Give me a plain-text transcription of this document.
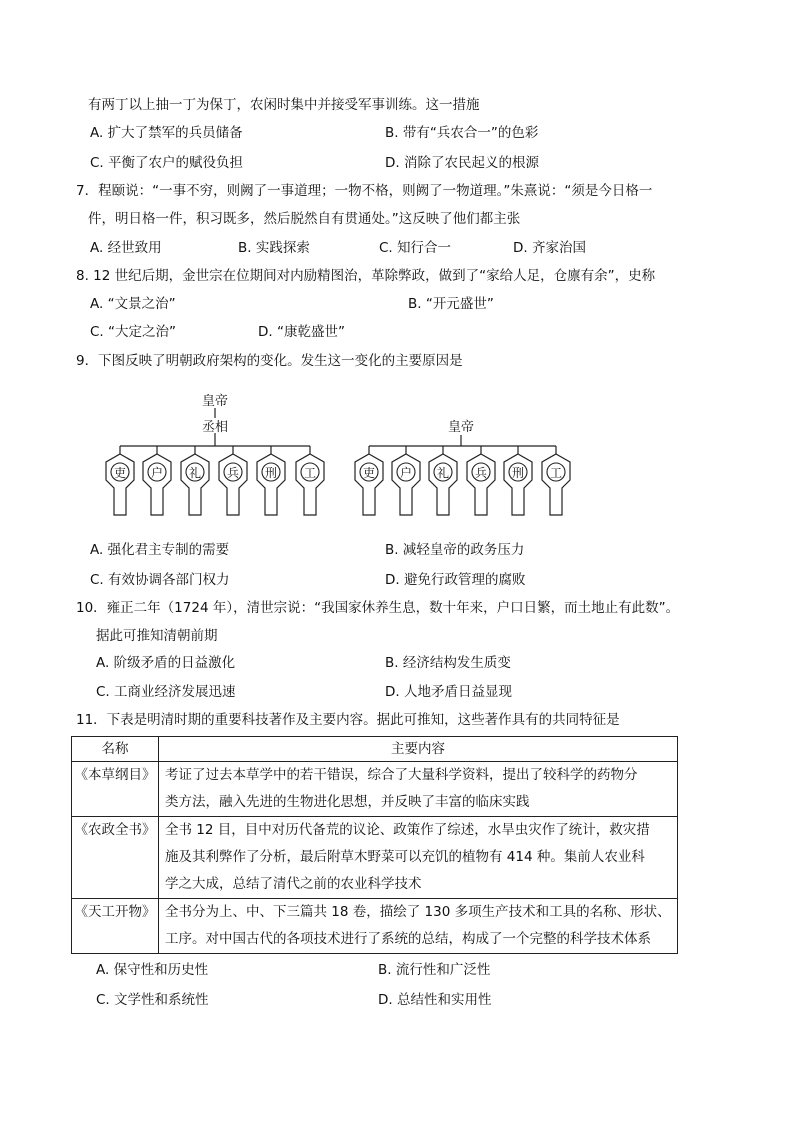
有两丁以上抽一丁为保丁，农闲时集中并接受军事训练。这一措施
A. 扩大了禁军的兵员储备	B. 带有“兵农合一”的色彩
C. 平衡了农户的赋役负担	D. 消除了农民起义的根源
7．程颐说：“一事不穷，则阙了一事道理；一物不格，则阙了一物道理。”朱熹说：“须是今日格一
件，明日格一件，积习既多，然后脱然自有贯通处。”这反映了他们都主张
A. 经世致用	B. 实践探索	C. 知行合一	D. 齐家治国
8. 12 世纪后期，金世宗在位期间对内励精图治，革除弊政，做到了“家给人足，仓廪有余”，史称
A. “文景之治”	B. “开元盛世”
C. “大定之治”	D. “康乾盛世”
9．下图反映了明朝政府架构的变化。发生这一变化的主要原因是
皇帝
丞相
吏 户 礼 兵 刑 工
皇帝
吏 户 礼 兵 刑 工
A. 强化君主专制的需要	B. 减轻皇帝的政务压力
C. 有效协调各部门权力	D. 避免行政管理的腐败
10．雍正二年（1724 年），清世宗说：“我国家休养生息，数十年来，户口日繁，而土地止有此数”。
据此可推知清朝前期
A. 阶级矛盾的日益激化	B. 经济结构发生质变
C. 工商业经济发展迅速	D. 人地矛盾日益显现
11．下表是明清时期的重要科技著作及主要内容。据此可推知，这些著作具有的共同特征是
名称	主要内容
《本草纲目》	考证了过去本草学中的若干错误，综合了大量科学资料，提出了较科学的药物分
类方法，融入先进的生物进化思想，并反映了丰富的临床实践

《农政全书》	全书 12 目，目中对历代备荒的议论、政策作了综述，水旱虫灾作了统计，救灾措
施及其利弊作了分析，最后附草木野菜可以充饥的植物有 414 种。集前人农业科
学之大成，总结了清代之前的农业科学技术

《天工开物》	全书分为上、中、下三篇共 18 卷，描绘了 130 多项生产技术和工具的名称、形状、
工序。对中国古代的各项技术进行了系统的总结，构成了一个完整的科学技术体系
A. 保守性和历史性	B. 流行性和广泛性
C. 文学性和系统性	D. 总结性和实用性
